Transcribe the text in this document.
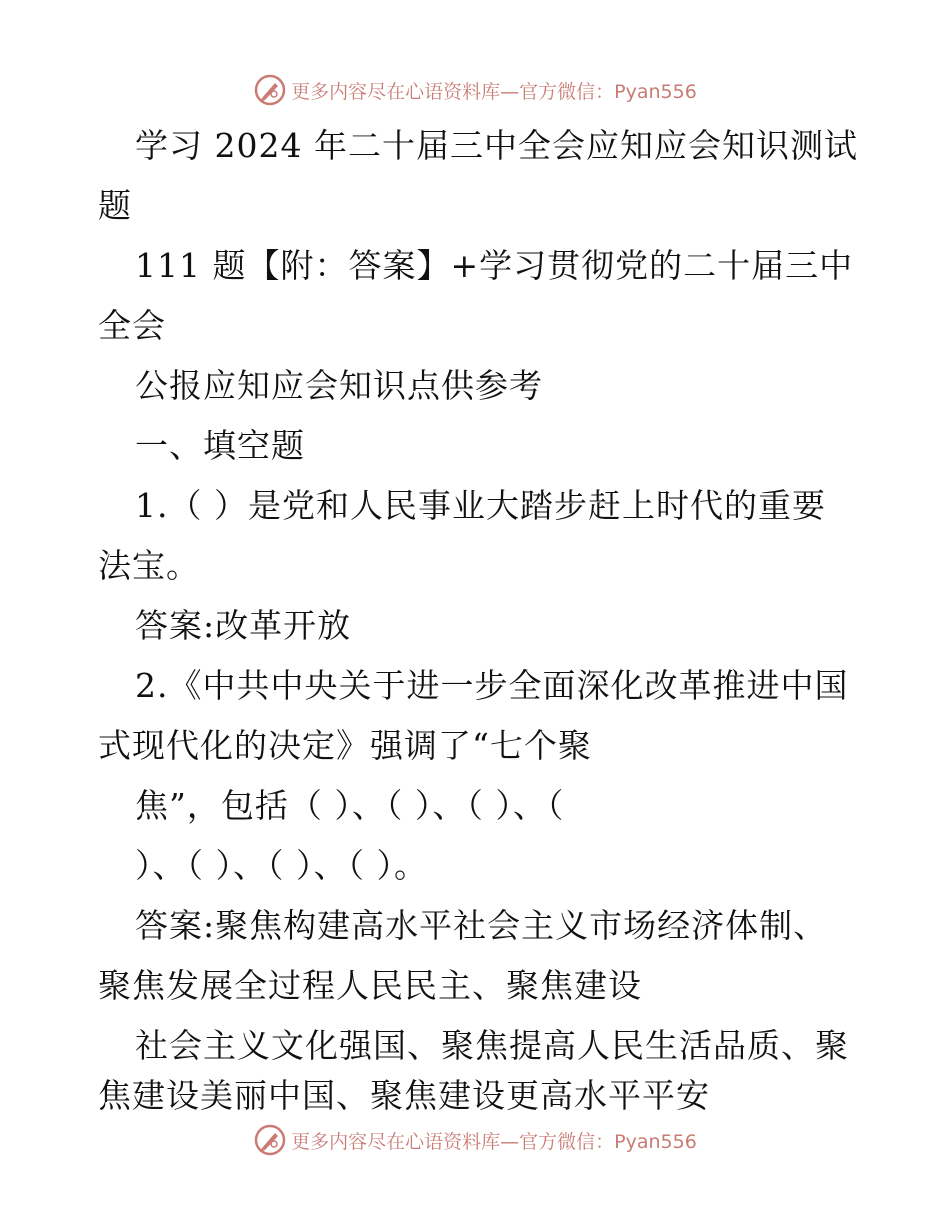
更多内容尽在心语资料库—官方微信：Pyan556
学习 2024 年二十届三中全会应知应会知识测试
题
111 题【附：答案】+学习贯彻党的二十届三中
全会
公报应知应会知识点供参考
一、填空题
1.（ ）是党和人民事业大踏步赶上时代的重要
法宝。
答案:改革开放
2.《中共中央关于进一步全面深化改革推进中国
式现代化的决定》强调了“七个聚
焦”，包括（ ）、（ ）、（ ）、（
）、（ ）、（ ）、（ ）。
答案:聚焦构建高水平社会主义市场经济体制、
聚焦发展全过程人民民主、聚焦建设
社会主义文化强国、聚焦提高人民生活品质、聚
焦建设美丽中国、聚焦建设更高水平平安
更多内容尽在心语资料库—官方微信：Pyan556
